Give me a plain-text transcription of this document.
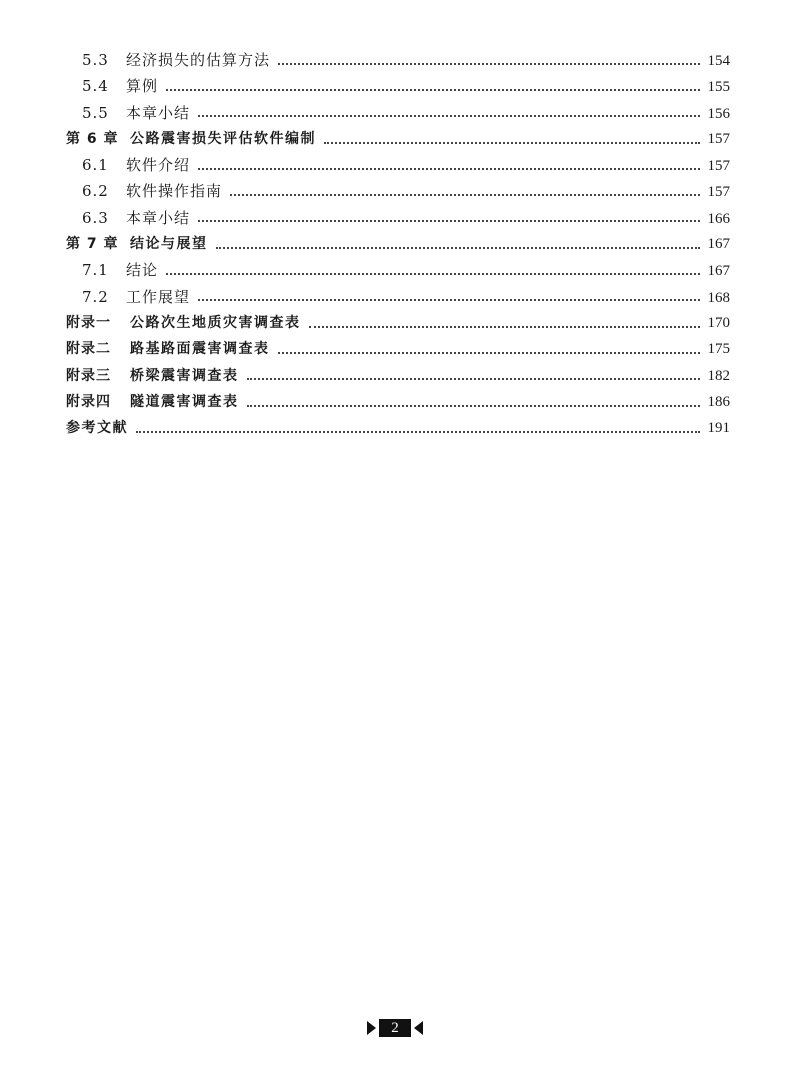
5.3	经济损失的估算方法	154
5.4	算例	155
5.5	本章小结	156
第 6 章 公路震害损失评估软件编制	157
6.1	软件介绍	157
6.2	软件操作指南	157
6.3	本章小结	166
第 7 章 结论与展望	167
7.1	结论	167
7.2	工作展望	168
附录一	公路次生地质灾害调查表	170
附录二	路基路面震害调查表	175
附录三	桥梁震害调查表	182
附录四	隧道震害调查表	186
参考文献	191
2
